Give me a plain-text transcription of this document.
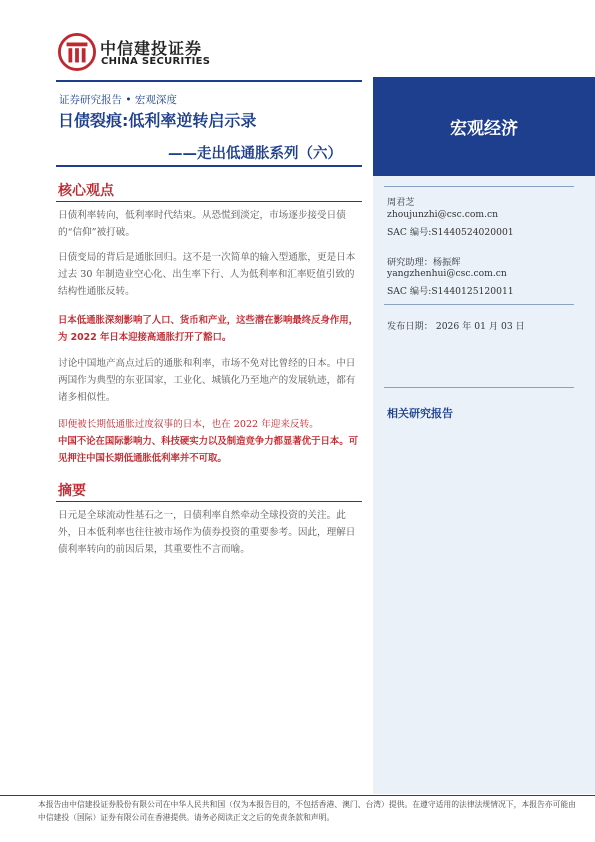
中信建投证券
CHINA SECURITIES
证券研究报告 • 宏观深度
日债裂痕:低利率逆转启示录
——走出低通胀系列（六）
宏观经济
周君芝
zhoujunzhi@csc.com.cn
SAC 编号:S1440524020001
研究助理：杨振辉
yangzhenhui@csc.com.cn
SAC 编号:S1440125120011
发布日期： 2026 年 01 月 03 日
相关研究报告
核心观点
日债利率转向，低利率时代结束。从恐慌到淡定，市场逐步接受日债的“信仰”被打破。
日债变局的背后是通胀回归。这不是一次简单的输入型通胀，更是日本过去 30 年制造业空心化、出生率下行、人为低利率和汇率贬值引致的结构性通胀反转。
日本低通胀深刻影响了人口、货币和产业，这些潜在影响最终反身作用，为 2022 年日本迎接高通胀打开了豁口。
讨论中国地产高点过后的通胀和利率，市场不免对比曾经的日本。中日两国作为典型的东亚国家，工业化、城镇化乃至地产的发展轨迹，都有诸多相似性。
即便被长期低通胀过度叙事的日本，也在 2022 年迎来反转。
中国不论在国际影响力、科技硬实力以及制造竞争力都显著优于日本。可见押注中国长期低通胀低利率并不可取。
摘要
日元是全球流动性基石之一，日债利率自然牵动全球投资的关注。此外，日本低利率也往往被市场作为债券投资的重要参考。因此，理解日债利率转向的前因后果，其重要性不言而喻。
本报告由中信建投证券股份有限公司在中华人民共和国（仅为本报告目的，不包括香港、澳门、台湾）提供。在遵守适用的法律法规情况下，本报告亦可能由中信建投（国际）证券有限公司在香港提供。请务必阅读正文之后的免责条款和声明。
